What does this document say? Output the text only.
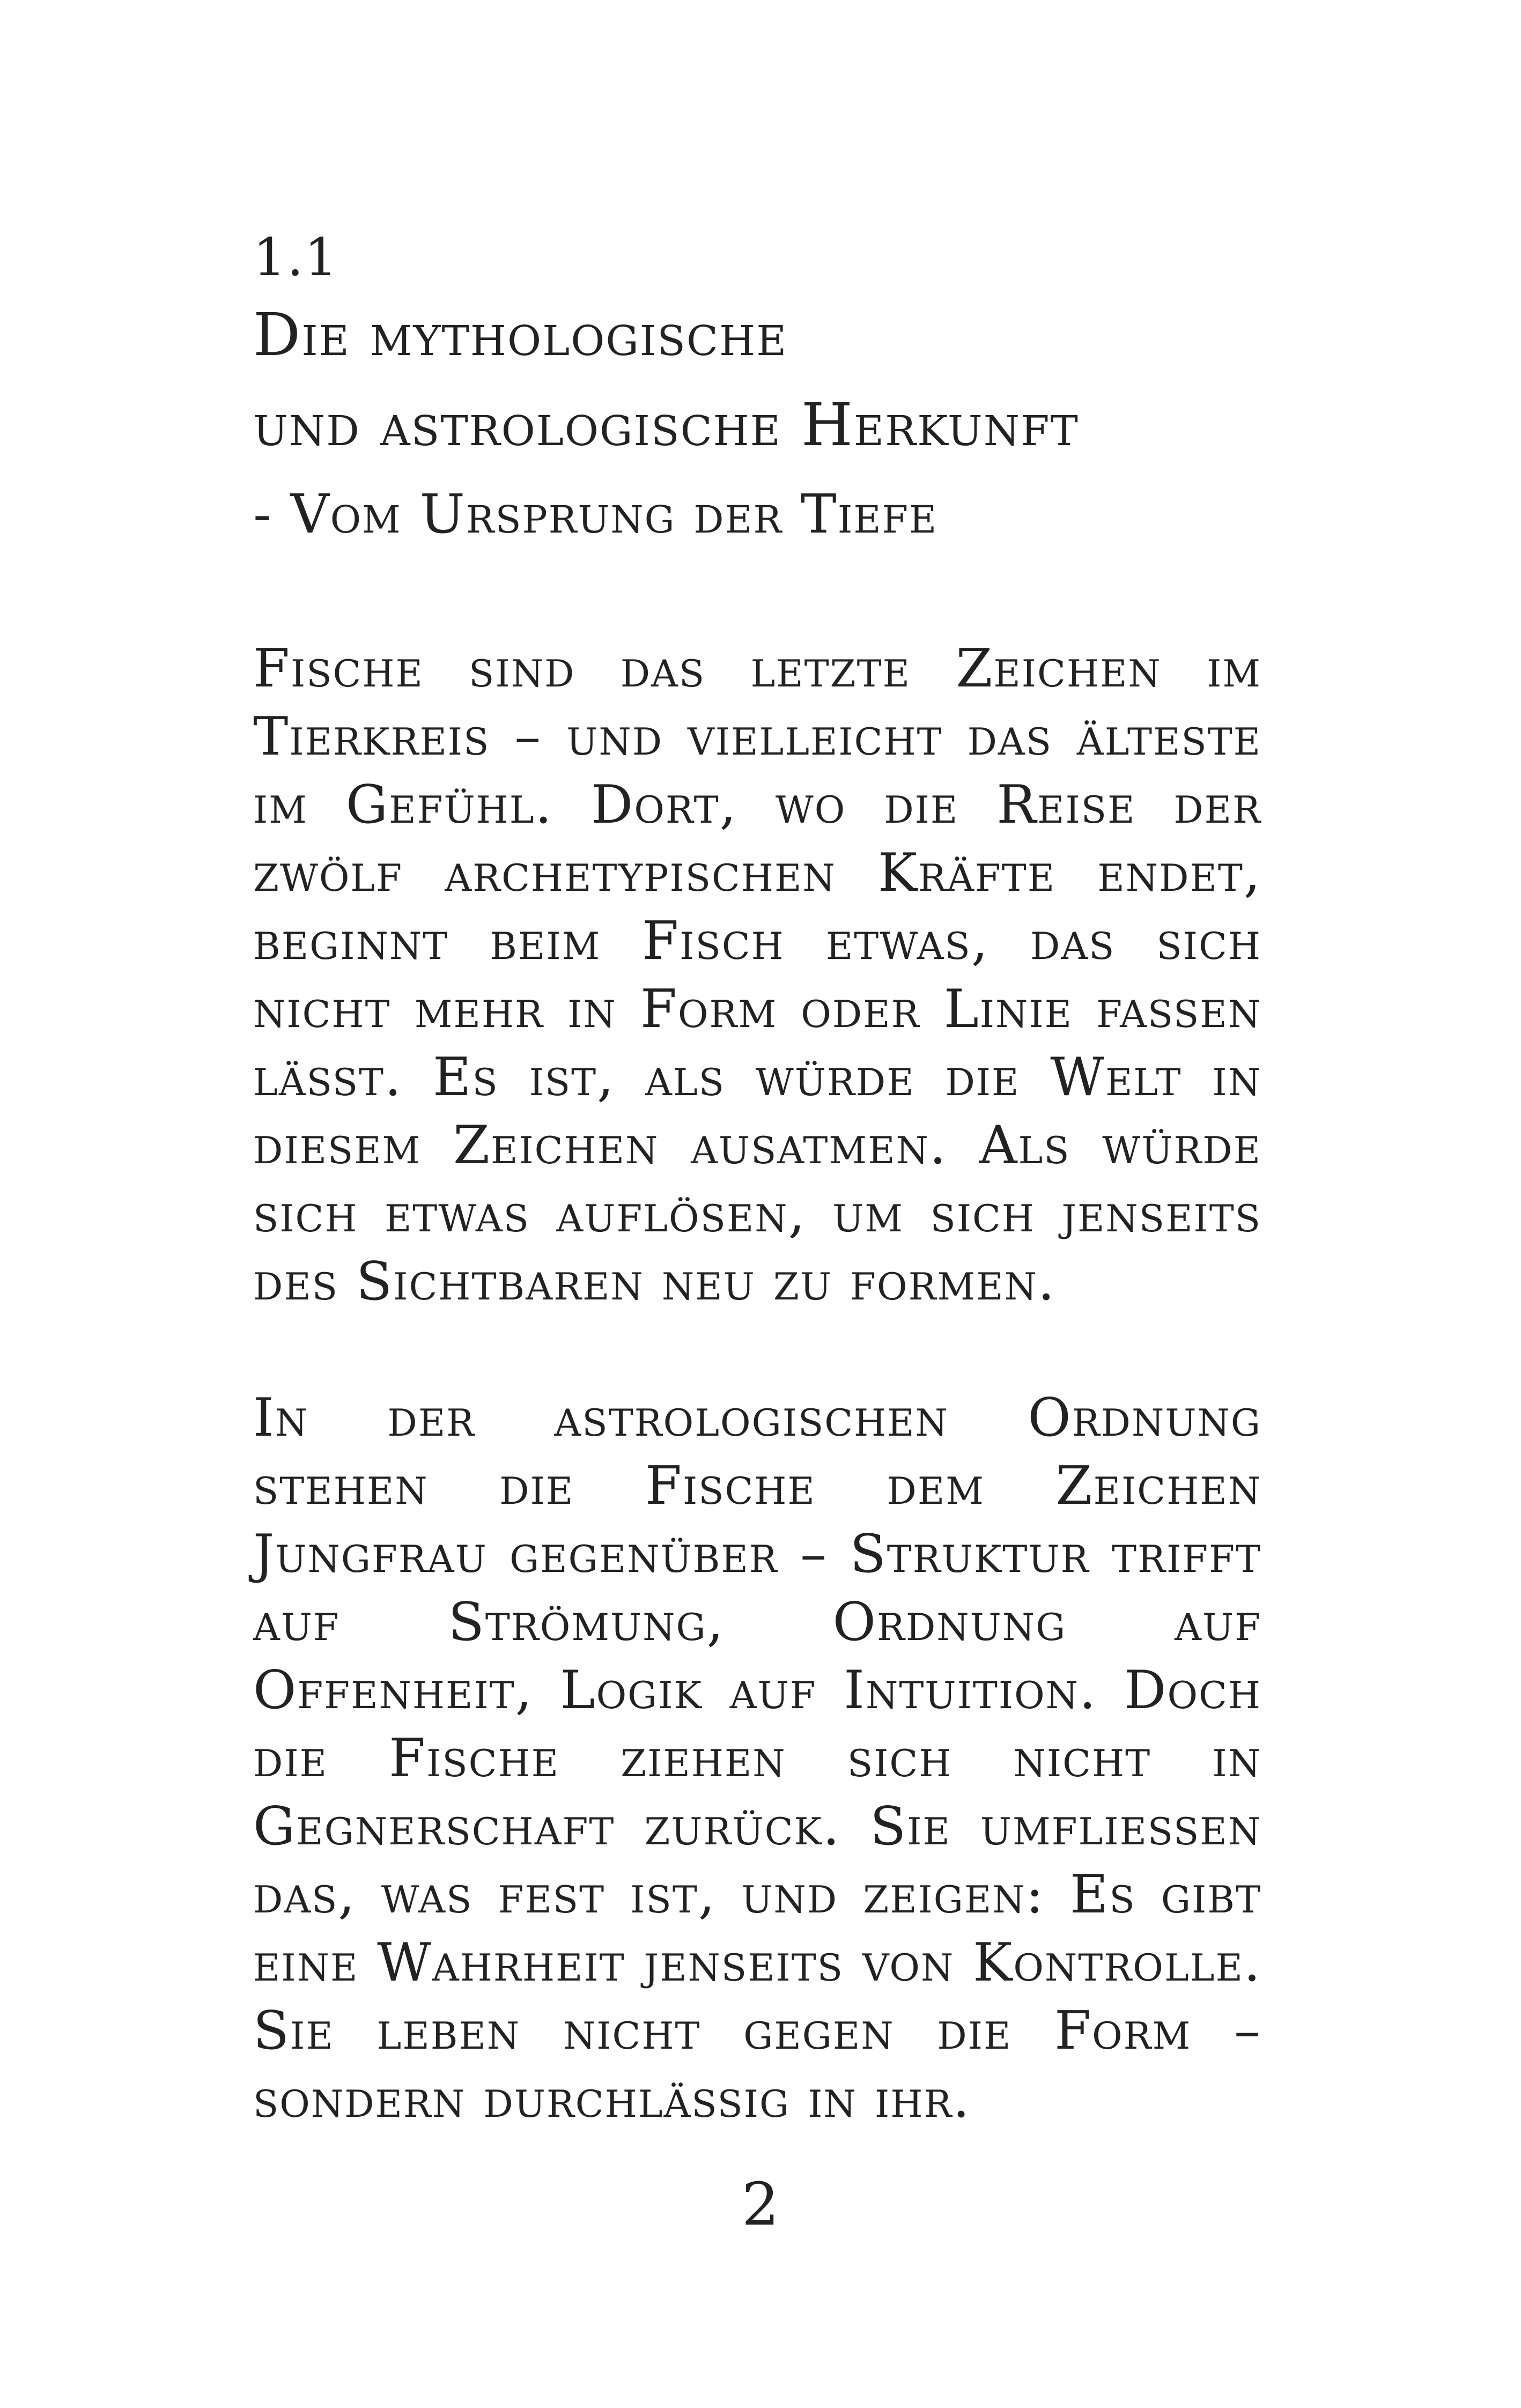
1.1

Die mythologische
und astrologische Herkunft
- Vom Ursprung der Tiefe

Fische sind das letzte Zeichen im Tierkreis – und vielleicht das älteste im Gefühl. Dort, wo die Reise der zwölf archetypischen Kräfte endet, beginnt beim Fisch etwas, das sich nicht mehr in Form oder Linie fassen lässt. Es ist, als würde die Welt in diesem Zeichen ausatmen. Als würde sich etwas auflösen, um sich jenseits des Sichtbaren neu zu formen.

In der astrologischen Ordnung stehen die Fische dem Zeichen Jungfrau gegenüber – Struktur trifft auf Strömung, Ordnung auf Offenheit, Logik auf Intuition. Doch die Fische ziehen sich nicht in Gegnerschaft zurück. Sie umfliessen das, was fest ist, und zeigen: Es gibt eine Wahrheit jenseits von Kontrolle. Sie leben nicht gegen die Form – sondern durchlässig in ihr.

2
